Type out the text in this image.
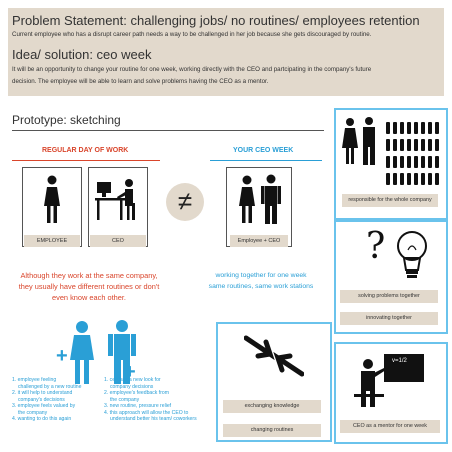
Problem Statement: challenging jobs/ no routines/ employees retention
Current employee who has a disrupt career path needs a way to be challenged in her job because she gets discouraged by routine.
Idea/ solution: ceo week
It will be an opportunity to change your routine for one week, working directly with the CEO and partcipating in the company's future
decision. The employee will be able to learn and solve problems having the CEO as a mentor.
Prototype: sketching
REGULAR DAY OF WORK
EMPLOYEE	CEO
≠
YOUR CEO WEEK
Employee + CEO
Although they work at the same company,
they usually have different routines or don't
even know each other.
working together for one week
same routines, same work stations
responsible for the whole company
?
solving problems together
innovating together
exchanging knowledge
changing routines
v=1/2
CEO as a mentor for one week
+
+
1. employee feeling
challenged by a new routine
2. it will help to understand
company's decisions
3. employee feels valued by
the company
4. wanting to do this again
1. ceo has a new look for
company decisions
2. employee's feedback from
the company
3. new routine, pressure relief
4. this approach will allow the CEO to
understand better his team/ coworkers
